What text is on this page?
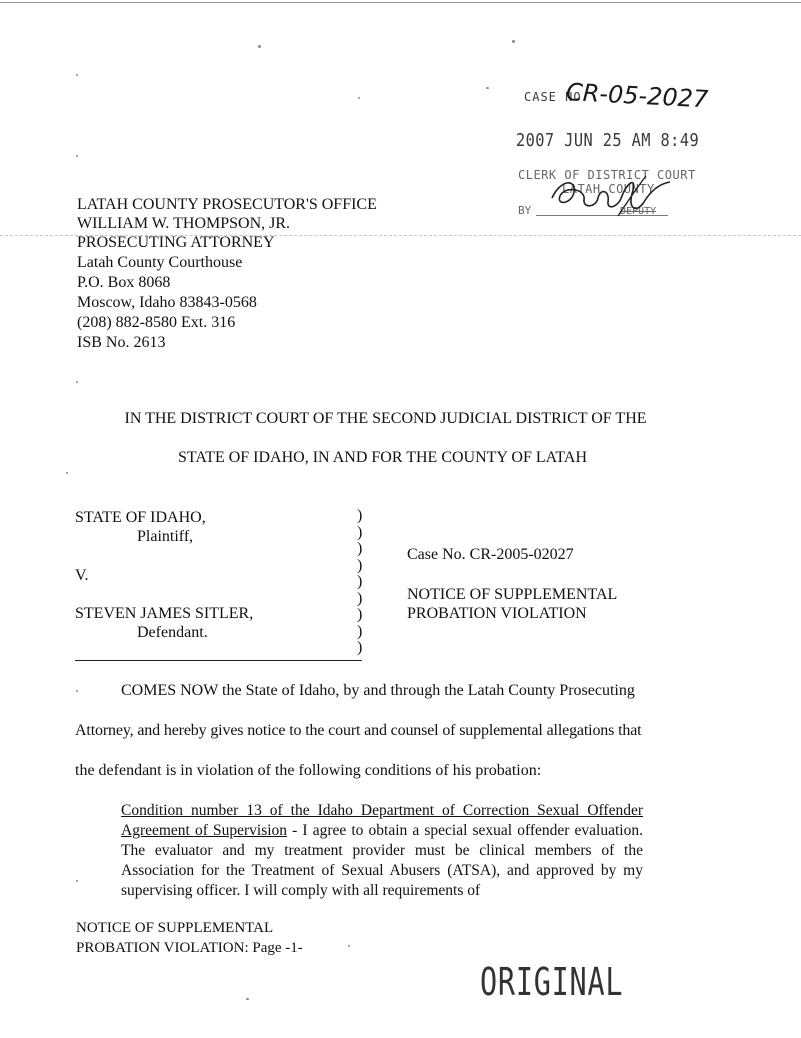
CASE NO
CR-05-2027
2007 JUN 25 AM 8:49
CLERK OF DISTRICT COURT
LATAH COUNTY
BY	DEPUTY
LATAH COUNTY PROSECUTOR'S OFFICE
WILLIAM W. THOMPSON, JR.
PROSECUTING ATTORNEY
Latah County Courthouse
P.O. Box 8068
Moscow, Idaho 83843-0568
(208) 882-8580 Ext. 316
ISB No. 2613
IN THE DISTRICT COURT OF THE SECOND JUDICIAL DISTRICT OF THE
STATE OF IDAHO, IN AND FOR THE COUNTY OF LATAH
STATE OF IDAHO,
Plaintiff,
V.
STEVEN JAMES SITLER,
Defendant.
)
)
)
)
)
)
)
)
)
Case No. CR-2005-02027
NOTICE OF SUPPLEMENTAL
PROBATION VIOLATION
COMES NOW the State of Idaho, by and through the Latah County Prosecuting
Attorney, and hereby gives notice to the court and counsel of supplemental allegations that
the defendant is in violation of the following conditions of his probation:
Condition number 13 of the Idaho Department of Correction Sexual Offender Agreement of Supervision - I agree to obtain a special sexual offender evaluation. The evaluator and my treatment provider must be clinical members of the Association for the Treatment of Sexual Abusers (ATSA), and approved by my supervising officer. I will comply with all requirements of
NOTICE OF SUPPLEMENTAL
PROBATION VIOLATION: Page -1-
ORIGINAL
